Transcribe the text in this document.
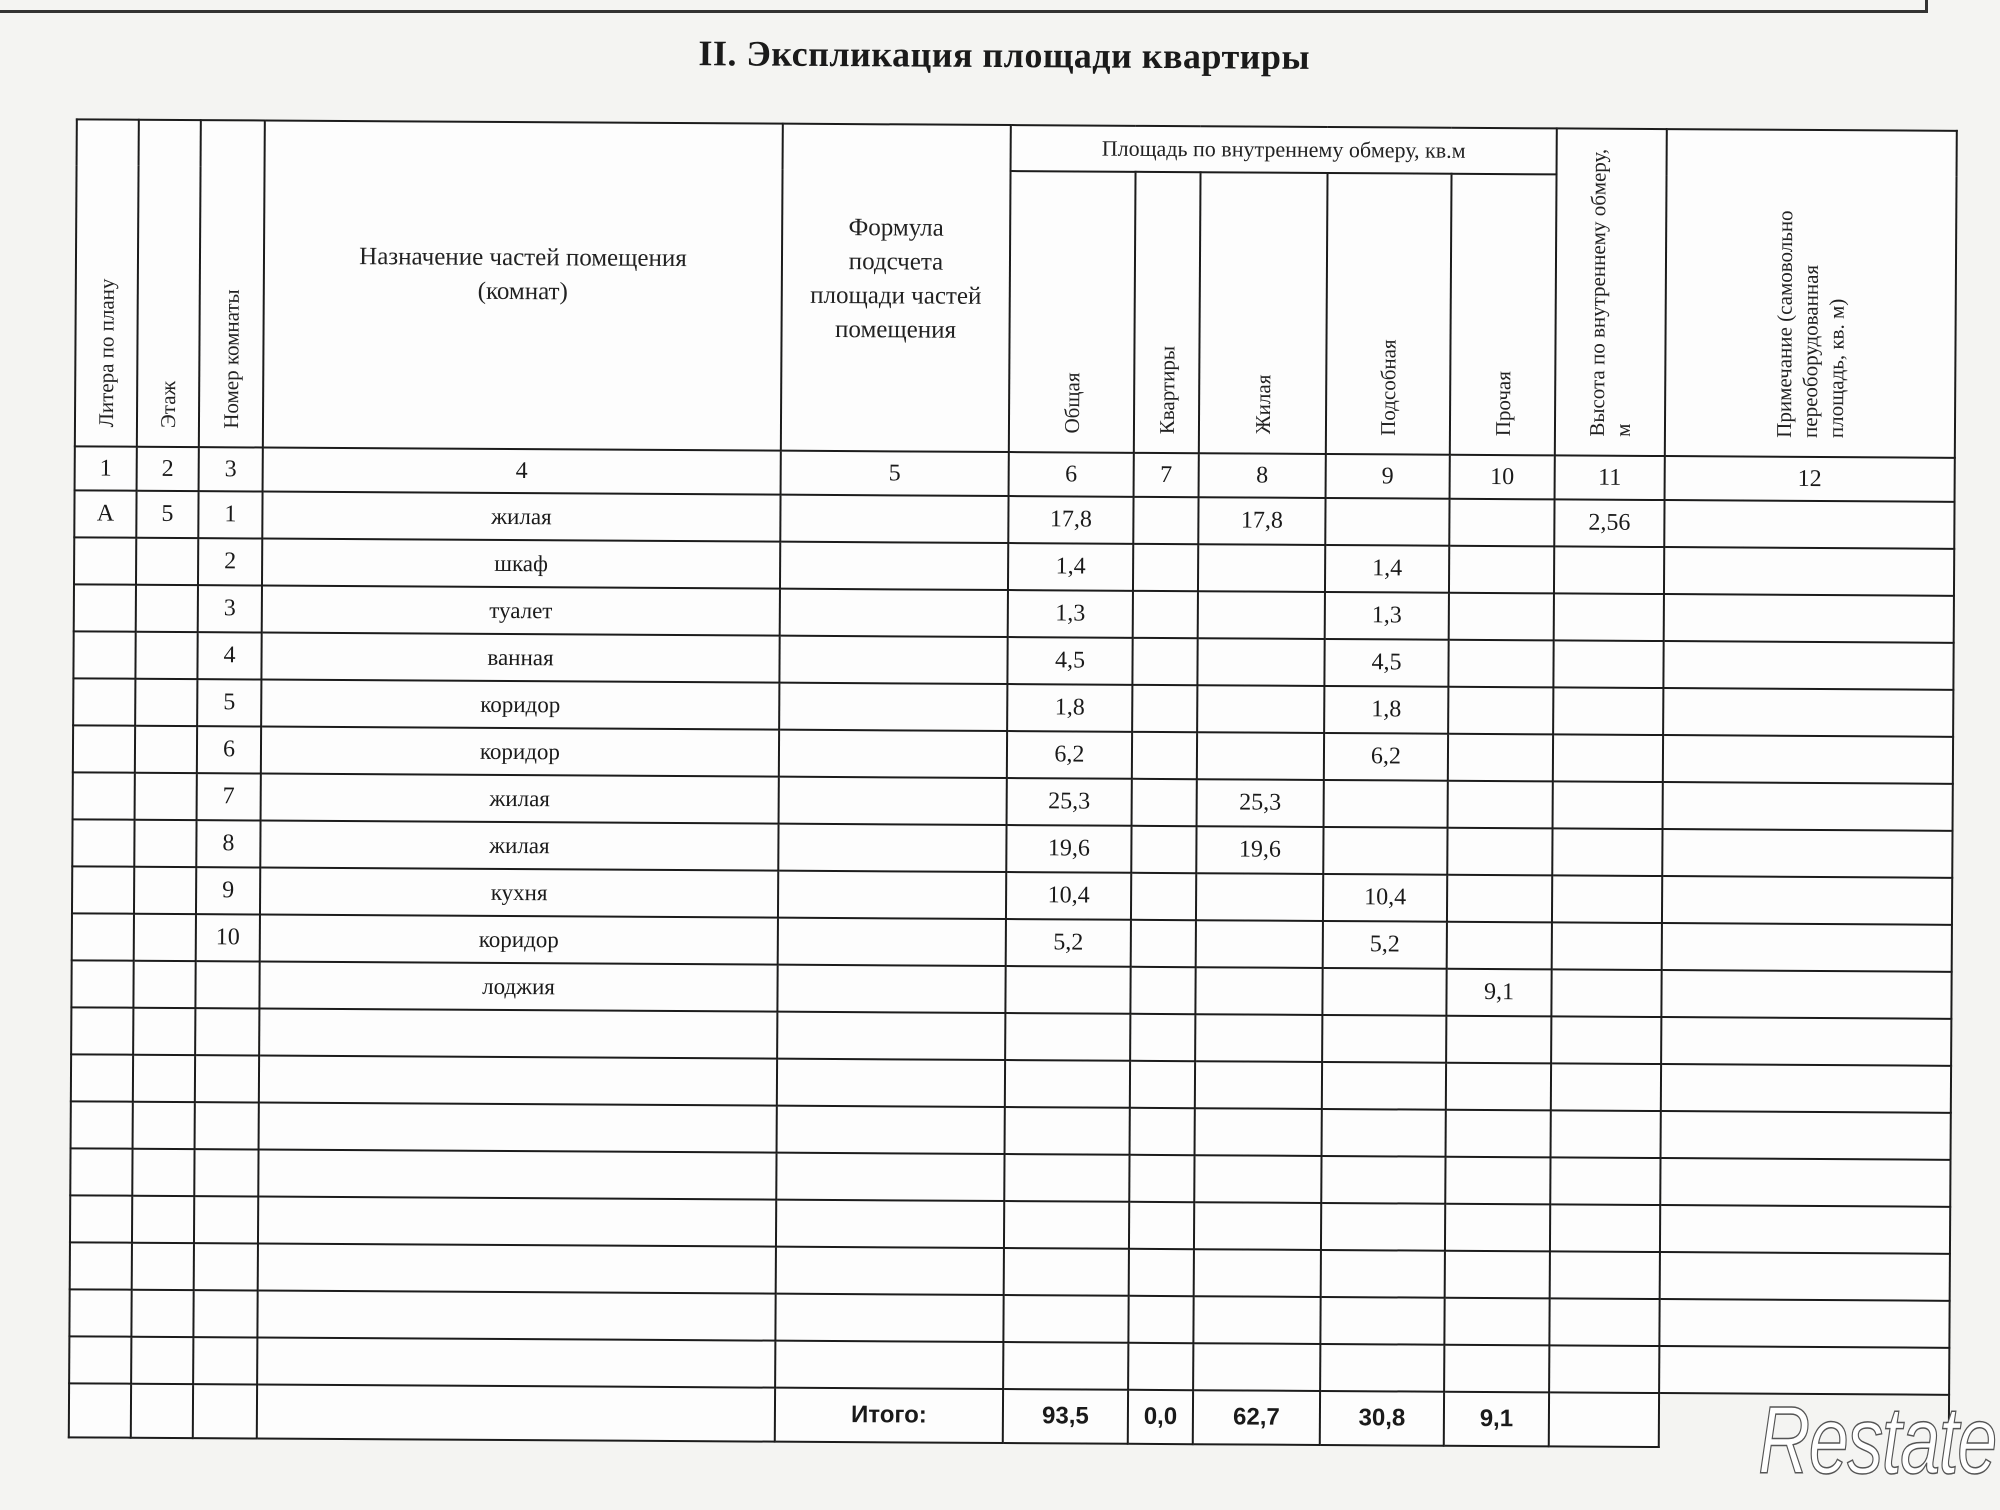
II. Экспликация площади квартиры
Литера по плану	Этаж	Номер комнаты	Назначение частей помещения (комнат)	Формула подсчета площади частей помещения	Площадь по внутреннему обмеру, кв.м					Высота по внутреннему обмеру, м	Примечание (самовольно переоборудованная площадь, кв. м)
					Общая	Квартиры	Жилая	Подсобная	Прочая		
1	2	3	4	5	6	7	8	9	10	11	12
А	5	1	жилая		17,8		17,8			2,56	
		2	шкаф		1,4			1,4			
		3	туалет		1,3			1,3			
		4	ванная		4,5			4,5			
		5	коридор		1,8			1,8			
		6	коридор		6,2			6,2			
		7	жилая		25,3		25,3				
		8	жилая		19,6		19,6				
		9	кухня		10,4			10,4			
		10	коридор		5,2			5,2			
			лоджия						9,1		

				Итого:	93,5	0,0	62,7	30,8	9,1			Restate
